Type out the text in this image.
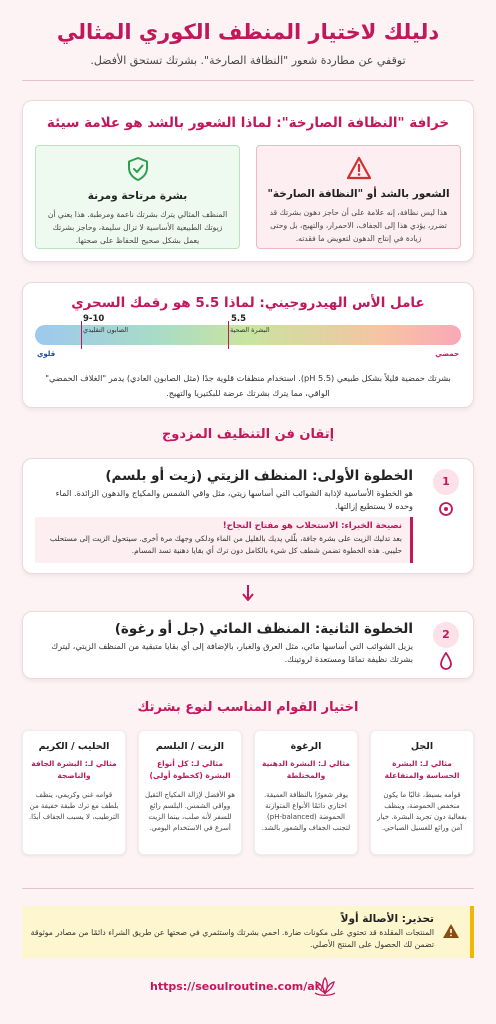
دليلك لاختيار المنظف الكوري المثالي

توقفي عن مطاردة شعور "النظافة الصارخة". بشرتك تستحق الأفضل.

خرافة "النظافة الصارخة": لماذا الشعور بالشد هو علامة سيئة
الشعور بالشد أو "النظافة الصارخة"

هذا ليس نظافة، إنه علامة على أن حاجز دهون بشرتك قد تضرر، يؤدي هذا إلى الجفاف، الاحمرار، والتهيج، بل وحتى زيادة في إنتاج الدهون لتعويض ما فقدته.

بشرة مرتاحة ومرنة

المنظف المثالي يترك بشرتك ناعمة ومرطبة. هذا يعني أن زيوتك الطبيعية الأساسية لا تزال سليمة، وحاجز بشرتك يعمل بشكل صحيح للحفاظ على صحتها.

عامل الأس الهيدروجيني: لماذا 5.5 هو رقمك السحري
9-10	5.5
الصابون التقليدي	البشرة الصحية
قلوي	حمضي

بشرتك حمضية قليلاً بشكل طبيعي (pH 5.5). استخدام منظفات قلوية جدًا (مثل الصابون العادي) يدمر "الغلاف الحمضي" الواقي، مما يترك بشرتك عرضة للبكتيريا والتهيج.

إتقان فن التنظيف المزدوج
1
الخطوة الأولى: المنظف الزيتي (زيت أو بلسم)

هو الخطوة الأساسية لإذابة الشوائب التي أساسها زيتي، مثل واقي الشمس والمكياج والدهون الزائدة. الماء وحده لا يستطيع إزالتها.

نصيحة الخبراء: الاستحلاب هو مفتاح النجاح!

بعد تدليك الزيت على بشرة جافة، بلّلي يديك بالقليل من الماء ودلكي وجهك مرة أخرى. سيتحول الزيت إلى مستحلب حليبي. هذه الخطوة تضمن شطف كل شيء بالكامل دون ترك أي بقايا دهنية تسد المسام.

2
الخطوة الثانية: المنظف المائي (جل أو رغوة)

يزيل الشوائب التي أساسها مائي، مثل العرق والغبار، بالإضافة إلى أي بقايا متبقية من المنظف الزيتي، ليترك بشرتك نظيفة تمامًا ومستعدة لروتينك.

اختيار القوام المناسب لنوع بشرتك
الجل
مثالي لـ: البشرة الحساسة والمتفاعلة

قوامه بسيط، غالبًا ما يكون منخفض الحموضة، وينظف بفعالية دون تجريد البشرة. خيار آمن ورائع للغسيل الصباحي.

الرغوة
مثالي لـ: البشرة الدهنية والمختلطة

يوفر شعورًا بالنظافة العميقة. اختاري دائمًا الأنواع المتوازنة الحموضة (pH-balanced) لتجنب الجفاف والشعور بالشد.

الزيت / البلسم
مثالي لـ: كل أنواع البشرة (كخطوة أولى)

هو الأفضل لإزالة المكياج الثقيل وواقي الشمس. البلسم رائع للسفر لأنه صلب، بينما الزيت أسرع في الاستخدام اليومي.

الحليب / الكريم
مثالي لـ: البشرة الجافة والناضجة

قوامه غني وكريمي، ينظف بلطف مع ترك طبقة خفيفة من الترطيب، لا يسبب الجفاف أبدًا.

تحذير: الأصالة أولاً

المنتجات المقلدة قد تحتوي على مكونات ضارة. احمي بشرتك واستثمري في صحتها عن طريق الشراء دائمًا من مصادر موثوقة تضمن لك الحصول على المنتج الأصلي.

https://seoulroutine.com/ar/
